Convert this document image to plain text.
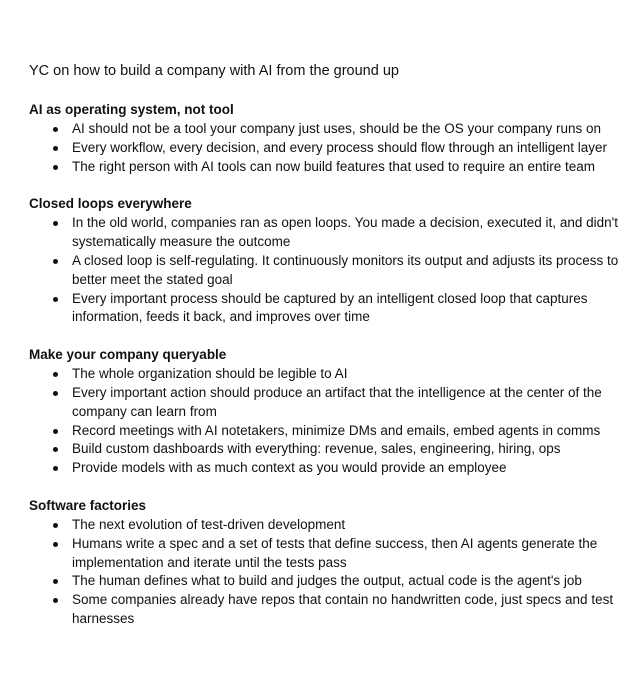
YC on how to build a company with AI from the ground up
AI as operating system, not tool
AI should not be a tool your company just uses, should be the OS your company runs on
Every workflow, every decision, and every process should flow through an intelligent layer
The right person with AI tools can now build features that used to require an entire team
Closed loops everywhere
In the old world, companies ran as open loops. You made a decision, executed it, and didn't systematically measure the outcome
A closed loop is self-regulating. It continuously monitors its output and adjusts its process to better meet the stated goal
Every important process should be captured by an intelligent closed loop that captures information, feeds it back, and improves over time
Make your company queryable
The whole organization should be legible to AI
Every important action should produce an artifact that the intelligence at the center of the company can learn from
Record meetings with AI notetakers, minimize DMs and emails, embed agents in comms
Build custom dashboards with everything: revenue, sales, engineering, hiring, ops
Provide models with as much context as you would provide an employee
Software factories
The next evolution of test-driven development
Humans write a spec and a set of tests that define success, then AI agents generate the implementation and iterate until the tests pass
The human defines what to build and judges the output, actual code is the agent's job
Some companies already have repos that contain no handwritten code, just specs and test harnesses
